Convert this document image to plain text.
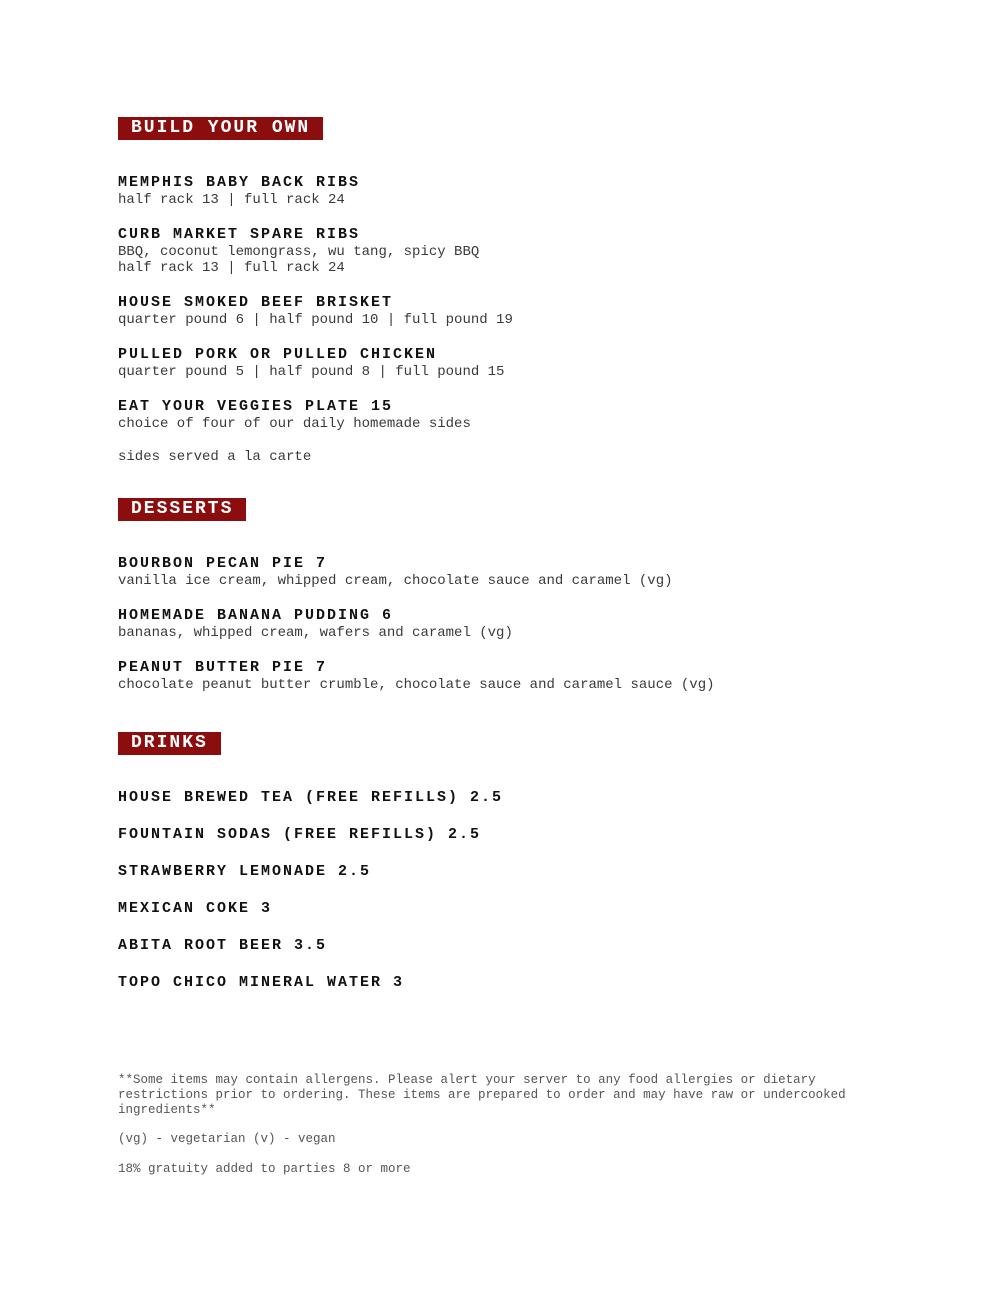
BUILD YOUR OWN
MEMPHIS BABY BACK RIBS
half rack 13 | full rack 24
CURB MARKET SPARE RIBS
BBQ, coconut lemongrass, wu tang, spicy BBQ
half rack 13 | full rack 24
HOUSE SMOKED BEEF BRISKET
quarter pound 6 | half pound 10 | full pound 19
PULLED PORK OR PULLED CHICKEN
quarter pound 5 | half pound 8 | full pound 15
EAT YOUR VEGGIES PLATE 15
choice of four of our daily homemade sides
sides served a la carte
DESSERTS
BOURBON PECAN PIE 7
vanilla ice cream, whipped cream, chocolate sauce and caramel (vg)
HOMEMADE BANANA PUDDING 6
bananas, whipped cream, wafers and caramel (vg)
PEANUT BUTTER PIE 7
chocolate peanut butter crumble, chocolate sauce and caramel sauce (vg)
DRINKS
HOUSE BREWED TEA (FREE REFILLS) 2.5
FOUNTAIN SODAS (FREE REFILLS) 2.5
STRAWBERRY LEMONADE 2.5
MEXICAN COKE 3
ABITA ROOT BEER 3.5
TOPO CHICO MINERAL WATER 3
**Some items may contain allergens. Please alert your server to any food allergies or dietary restrictions prior to ordering. These items are prepared to order and may have raw or undercooked ingredients**
(vg) - vegetarian (v) - vegan
18% gratuity added to parties 8 or more
